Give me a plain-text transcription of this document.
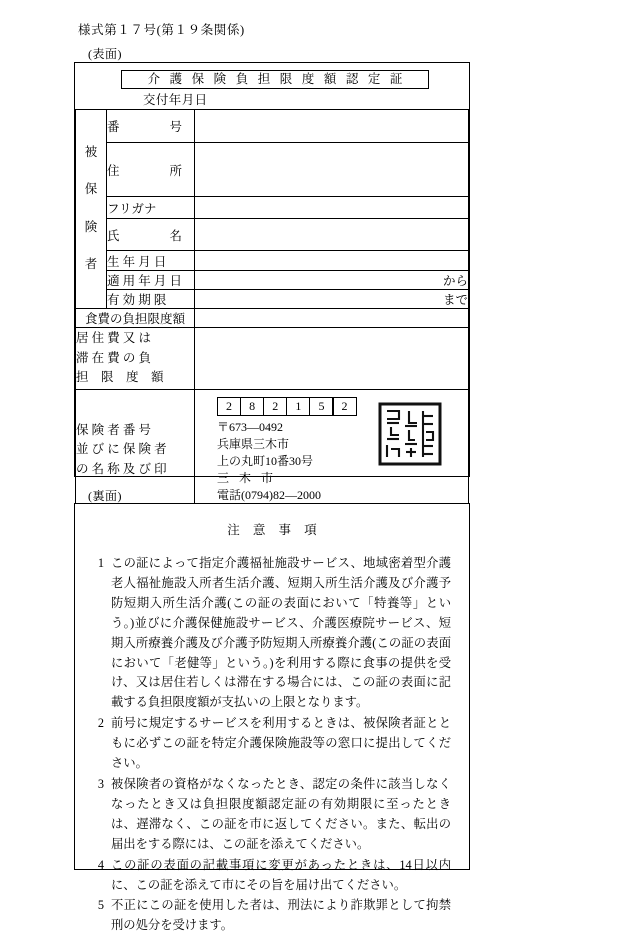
様式第１７号(第１９条関係)
(表面)
介 護 保 険 負 担 限 度 額 認 定 証
交付年月日
被
保
険
者	番　　　　号	

	住　　　　所	

	フリガナ	

	氏　　　　名	

	生 年 月 日	

	適 用 年 月 日	から

	有 効 期 限	まで
食費の負担限度額		

居 住 費 又 は
滞 在 費 の 負
担　限　度　額		

保 険 者 番 号
並 び に 保 険 者
の 名 称 及 び 印

2	8	2	1	5	2
〒673—0492
兵庫県三木市
上の丸町10番30号
三 木 市
電話(0794)82—2000
(裏面)
注 意 事 項
1 この証によって指定介護福祉施設サービス、地域密着型介護老人福祉施設入所者生活介護、短期入所生活介護及び介護予防短期入所生活介護(この証の表面において「特養等」という。)並びに介護保健施設サービス、介護医療院サービス、短期入所療養介護及び介護予防短期入所療養介護(この証の表面において「老健等」という。)を利用する際に食事の提供を受け、又は居住若しくは滞在する場合には、この証の表面に記載する負担限度額が支払いの上限となります。
2 前号に規定するサービスを利用するときは、被保険者証とともに必ずこの証を特定介護保険施設等の窓口に提出してください。
3 被保険者の資格がなくなったとき、認定の条件に該当しなくなったとき又は負担限度額認定証の有効期限に至ったときは、遅滞なく、この証を市に返してください。また、転出の届出をする際には、この証を添えてください。
4 この証の表面の記載事項に変更があったときは、14日以内に、この証を添えて市にその旨を届け出てください。
5 不正にこの証を使用した者は、刑法により詐欺罪として拘禁刑の処分を受けます。
